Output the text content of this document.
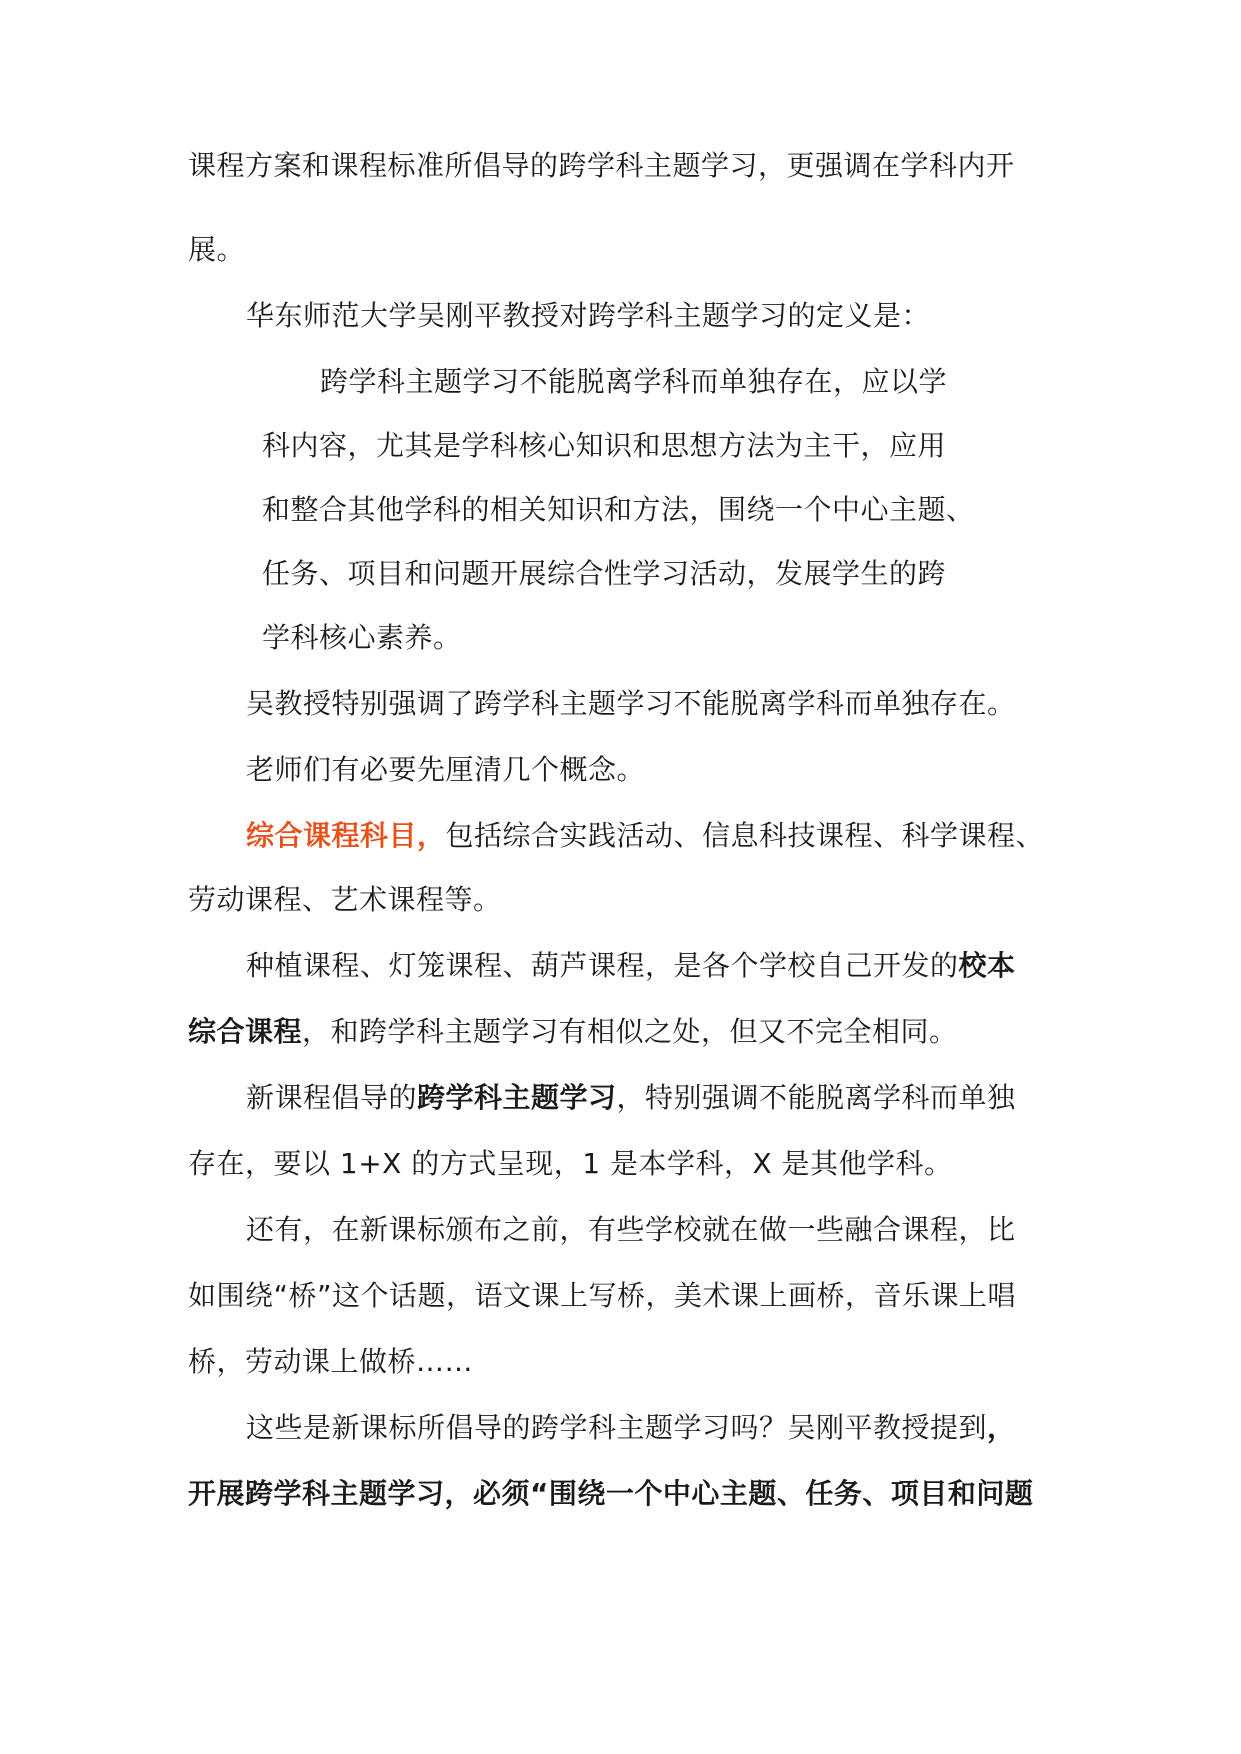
课程方案和课程标准所倡导的跨学科主题学习，更强调在学科内开
展。
华东师范大学吴刚平教授对跨学科主题学习的定义是：
跨学科主题学习不能脱离学科而单独存在，应以学
科内容，尤其是学科核心知识和思想方法为主干，应用
和整合其他学科的相关知识和方法，围绕一个中心主题、
任务、项目和问题开展综合性学习活动，发展学生的跨
学科核心素养。
吴教授特别强调了跨学科主题学习不能脱离学科而单独存在。
老师们有必要先厘清几个概念。
综合课程科目，包括综合实践活动、信息科技课程、科学课程、
劳动课程、艺术课程等。
种植课程、灯笼课程、葫芦课程，是各个学校自己开发的校本
综合课程，和跨学科主题学习有相似之处，但又不完全相同。
新课程倡导的跨学科主题学习，特别强调不能脱离学科而单独
存在，要以 1+X 的方式呈现，1 是本学科，X 是其他学科。
还有，在新课标颁布之前，有些学校就在做一些融合课程，比
如围绕“桥”这个话题，语文课上写桥，美术课上画桥，音乐课上唱
桥，劳动课上做桥……
这些是新课标所倡导的跨学科主题学习吗？吴刚平教授提到，
开展跨学科主题学习，必须“围绕一个中心主题、任务、项目和问题
